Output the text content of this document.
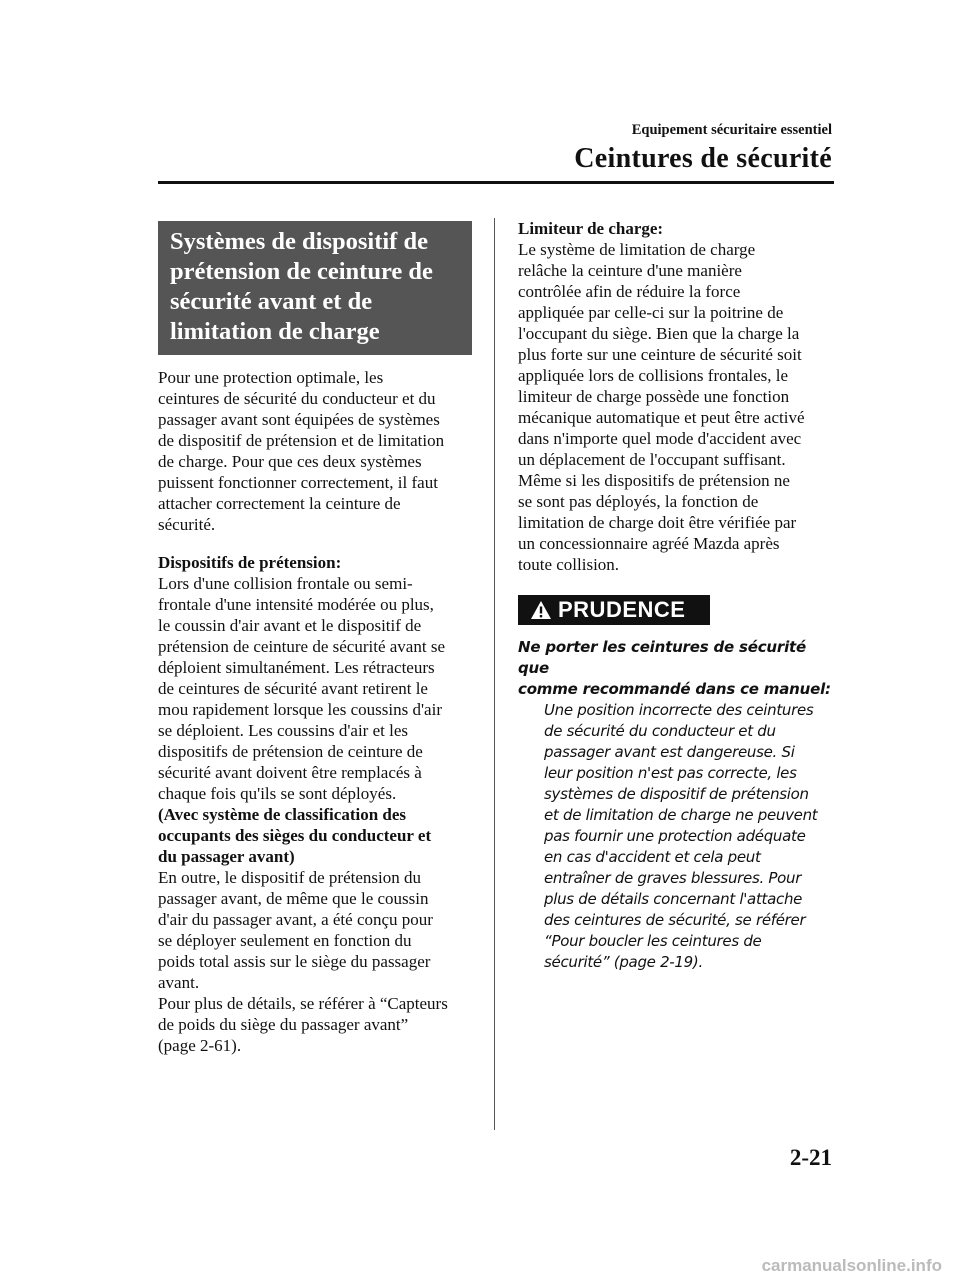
Equipement sécuritaire essentiel
Ceintures de sécurité
Systèmes de dispositif de
prétension de ceinture de
sécurité avant et de
limitation de charge

Pour une protection optimale, les
ceintures de sécurité du conducteur et du
passager avant sont équipées de systèmes
de dispositif de prétension et de limitation
de charge. Pour que ces deux systèmes
puissent fonctionner correctement, il faut
attacher correctement la ceinture de
sécurité.

Dispositifs de prétension:

Lors d'une collision frontale ou semi-
frontale d'une intensité modérée ou plus,
le coussin d'air avant et le dispositif de
prétension de ceinture de sécurité avant se
déploient simultanément. Les rétracteurs
de ceintures de sécurité avant retirent le
mou rapidement lorsque les coussins d'air
se déploient. Les coussins d'air et les
dispositifs de prétension de ceinture de
sécurité avant doivent être remplacés à
chaque fois qu'ils se sont déployés.

(Avec système de classification des
occupants des sièges du conducteur et
du passager avant)

En outre, le dispositif de prétension du
passager avant, de même que le coussin
d'air du passager avant, a été conçu pour
se déployer seulement en fonction du
poids total assis sur le siège du passager
avant.
Pour plus de détails, se référer à “Capteurs
de poids du siège du passager avant”
(page 2-61).

Limiteur de charge:

Le système de limitation de charge
relâche la ceinture d'une manière
contrôlée afin de réduire la force
appliquée par celle-ci sur la poitrine de
l'occupant du siège. Bien que la charge la
plus forte sur une ceinture de sécurité soit
appliquée lors de collisions frontales, le
limiteur de charge possède une fonction
mécanique automatique et peut être activé
dans n'importe quel mode d'accident avec
un déplacement de l'occupant suffisant.
Même si les dispositifs de prétension ne
se sont pas déployés, la fonction de
limitation de charge doit être vérifiée par
un concessionnaire agréé Mazda après
toute collision.

PRUDENCE

Ne porter les ceintures de sécurité que
comme recommandé dans ce manuel:

Une position incorrecte des ceintures
de sécurité du conducteur et du
passager avant est dangereuse. Si
leur position n'est pas correcte, les
systèmes de dispositif de prétension
et de limitation de charge ne peuvent
pas fournir une protection adéquate
en cas d'accident et cela peut
entraîner de graves blessures. Pour
plus de détails concernant l'attache
des ceintures de sécurité, se référer
“Pour boucler les ceintures de
sécurité” (page 2-19).

2-21
carmanualsonline.info
